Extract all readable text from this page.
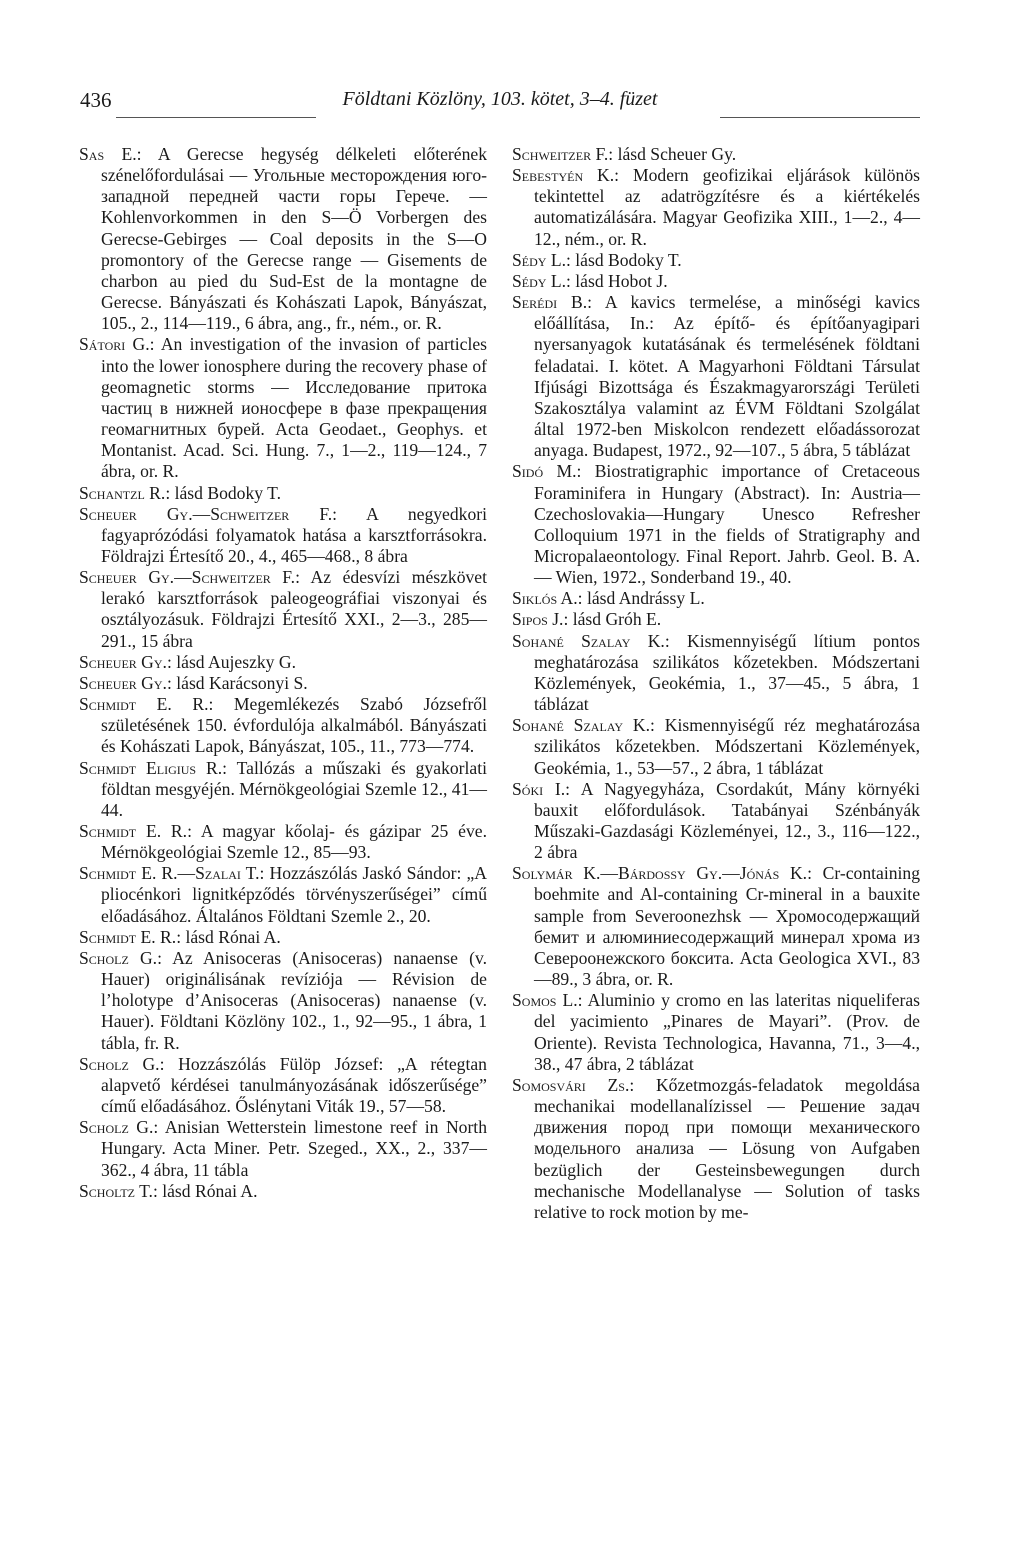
436	Földtani Közlöny, 103. kötet, 3–4. füzet

Sas E.: A Gerecse hegység délkeleti előterének szénelőfordulásai — Угольные месторождения юго-западной передней части горы Герече. — Kohlenvorkommen in den S—Ö Vorbergen des Gerecse-Gebirges — Coal deposits in the S—O promontory of the Gerecse range — Gisements de charbon au pied du Sud-Est de la montagne de Gerecse. Bányászati és Kohászati Lapok, Bányászat, 105., 2., 114—119., 6 ábra, ang., fr., ném., or. R.

Sátori G.: An investigation of the invasion of particles into the lower ionosphere during the recovery phase of geomagnetic storms — Исследование притока частиц в нижней ионосфере в фазе прекращения геомагнитных бурей. Acta Geodaet., Geophys. et Montanist. Acad. Sci. Hung. 7., 1—2., 119—124., 7 ábra, or. R.

Schantzl R.: lásd Bodoky T.

Scheuer Gy.—Schweitzer F.: A negyedkori fagyaprózódási folyamatok hatása a karsztforrásokra. Földrajzi Értesítő 20., 4., 465—468., 8 ábra

Scheuer Gy.—Schweitzer F.: Az édesvízi mészkövet lerakó karsztforrások paleogeográfiai viszonyai és osztályozásuk. Földrajzi Értesítő XXI., 2—3., 285—291., 15 ábra

Scheuer Gy.: lásd Aujeszky G.

Scheuer Gy.: lásd Karácsonyi S.

Schmidt E. R.: Megemlékezés Szabó Józsefről születésének 150. évfordulója alkalmából. Bányászati és Kohászati Lapok, Bányászat, 105., 11., 773—774.

Schmidt Eligius R.: Tallózás a műszaki és gyakorlati földtan mesgyéjén. Mérnökgeológiai Szemle 12., 41—44.

Schmidt E. R.: A magyar kőolaj- és gázipar 25 éve. Mérnökgeológiai Szemle 12., 85—93.

Schmidt E. R.—Szalai T.: Hozzászólás Jaskó Sándor: „A pliocénkori lignitképződés törvényszerűségei” című előadásához. Általános Földtani Szemle 2., 20.

Schmidt E. R.: lásd Rónai A.

Scholz G.: Az Anisoceras (Anisoceras) nanaense (v. Hauer) originálisának revíziója — Révision de l’holotype d’Anisoceras (Anisoceras) nanaense (v. Hauer). Földtani Közlöny 102., 1., 92—95., 1 ábra, 1 tábla, fr. R.

Scholz G.: Hozzászólás Fülöp József: „A rétegtan alapvető kérdései tanulmányozásának időszerűsége” című előadásához. Őslénytani Viták 19., 57—58.

Scholz G.: Anisian Wetterstein limestone reef in North Hungary. Acta Miner. Petr. Szeged., XX., 2., 337—362., 4 ábra, 11 tábla

Scholtz T.: lásd Rónai A.

Schweitzer F.: lásd Scheuer Gy.

Sebestyén K.: Modern geofizikai eljárások különös tekintettel az adatrögzítésre és a kiértékelés automatizálására. Magyar Geofizika XIII., 1—2., 4—12., ném., or. R.

Sédy L.: lásd Bodoky T.

Sédy L.: lásd Hobot J.

Serédi B.: A kavics termelése, a minőségi kavics előállítása, In.: Az építő- és építőanyagipari nyersanyagok kutatásának és termelésének földtani feladatai. I. kötet. A Magyarhoni Földtani Társulat Ifjúsági Bizottsága és Északmagyarországi Területi Szakosztálya valamint az ÉVM Földtani Szolgálat által 1972-ben Miskolcon rendezett előadássorozat anyaga. Budapest, 1972., 92—107., 5 ábra, 5 táblázat

Sidó M.: Biostratigraphic importance of Cretaceous Foraminifera in Hungary (Abstract). In: Austria—Czechoslovakia—Hungary Unesco Refresher Colloquium 1971 in the fields of Stratigraphy and Micropalaeontology. Final Report. Jahrb. Geol. B. A. — Wien, 1972., Sonderband 19., 40.

Siklós A.: lásd Andrássy L.

Sipos J.: lásd Gróh E.

Sohané Szalay K.: Kismennyiségű lítium pontos meghatározása szilikátos kőzetekben. Módszertani Közlemények, Geokémia, 1., 37—45., 5 ábra, 1 táblázat

Sohané Szalay K.: Kismennyiségű réz meghatározása szilikátos kőzetekben. Módszertani Közlemények, Geokémia, 1., 53—57., 2 ábra, 1 táblázat

Sóki I.: A Nagyegyháza, Csordakút, Mány környéki bauxit előfordulások. Tatabányai Szénbányák Műszaki-Gazdasági Közleményei, 12., 3., 116—122., 2 ábra

Solymár K.—Bárdossy Gy.—Jónás K.: Cr-containing boehmite and Al-containing Cr-mineral in a bauxite sample from Severoonezhsk — Хромосодержащий бемит и алюминиесодержащий минерал хрома из Североонежского боксита. Acta Geologica XVI., 83—89., 3 ábra, or. R.

Somos L.: Aluminio y cromo en las lateritas niqueliferas del yacimiento „Pinares de Mayari”. (Prov. de Oriente). Revista Technologica, Havanna, 71., 3—4., 38., 47 ábra, 2 táblázat

Somosvári Zs.: Kőzetmozgás-feladatok megoldása mechanikai modellanalízissel — Решение задач движения пород при помощи механического модельного анализа — Lösung von Aufgaben bezüglich der Gesteinsbewegungen durch mechanische Modellanalyse — Solution of tasks relative to rock motion by me-
